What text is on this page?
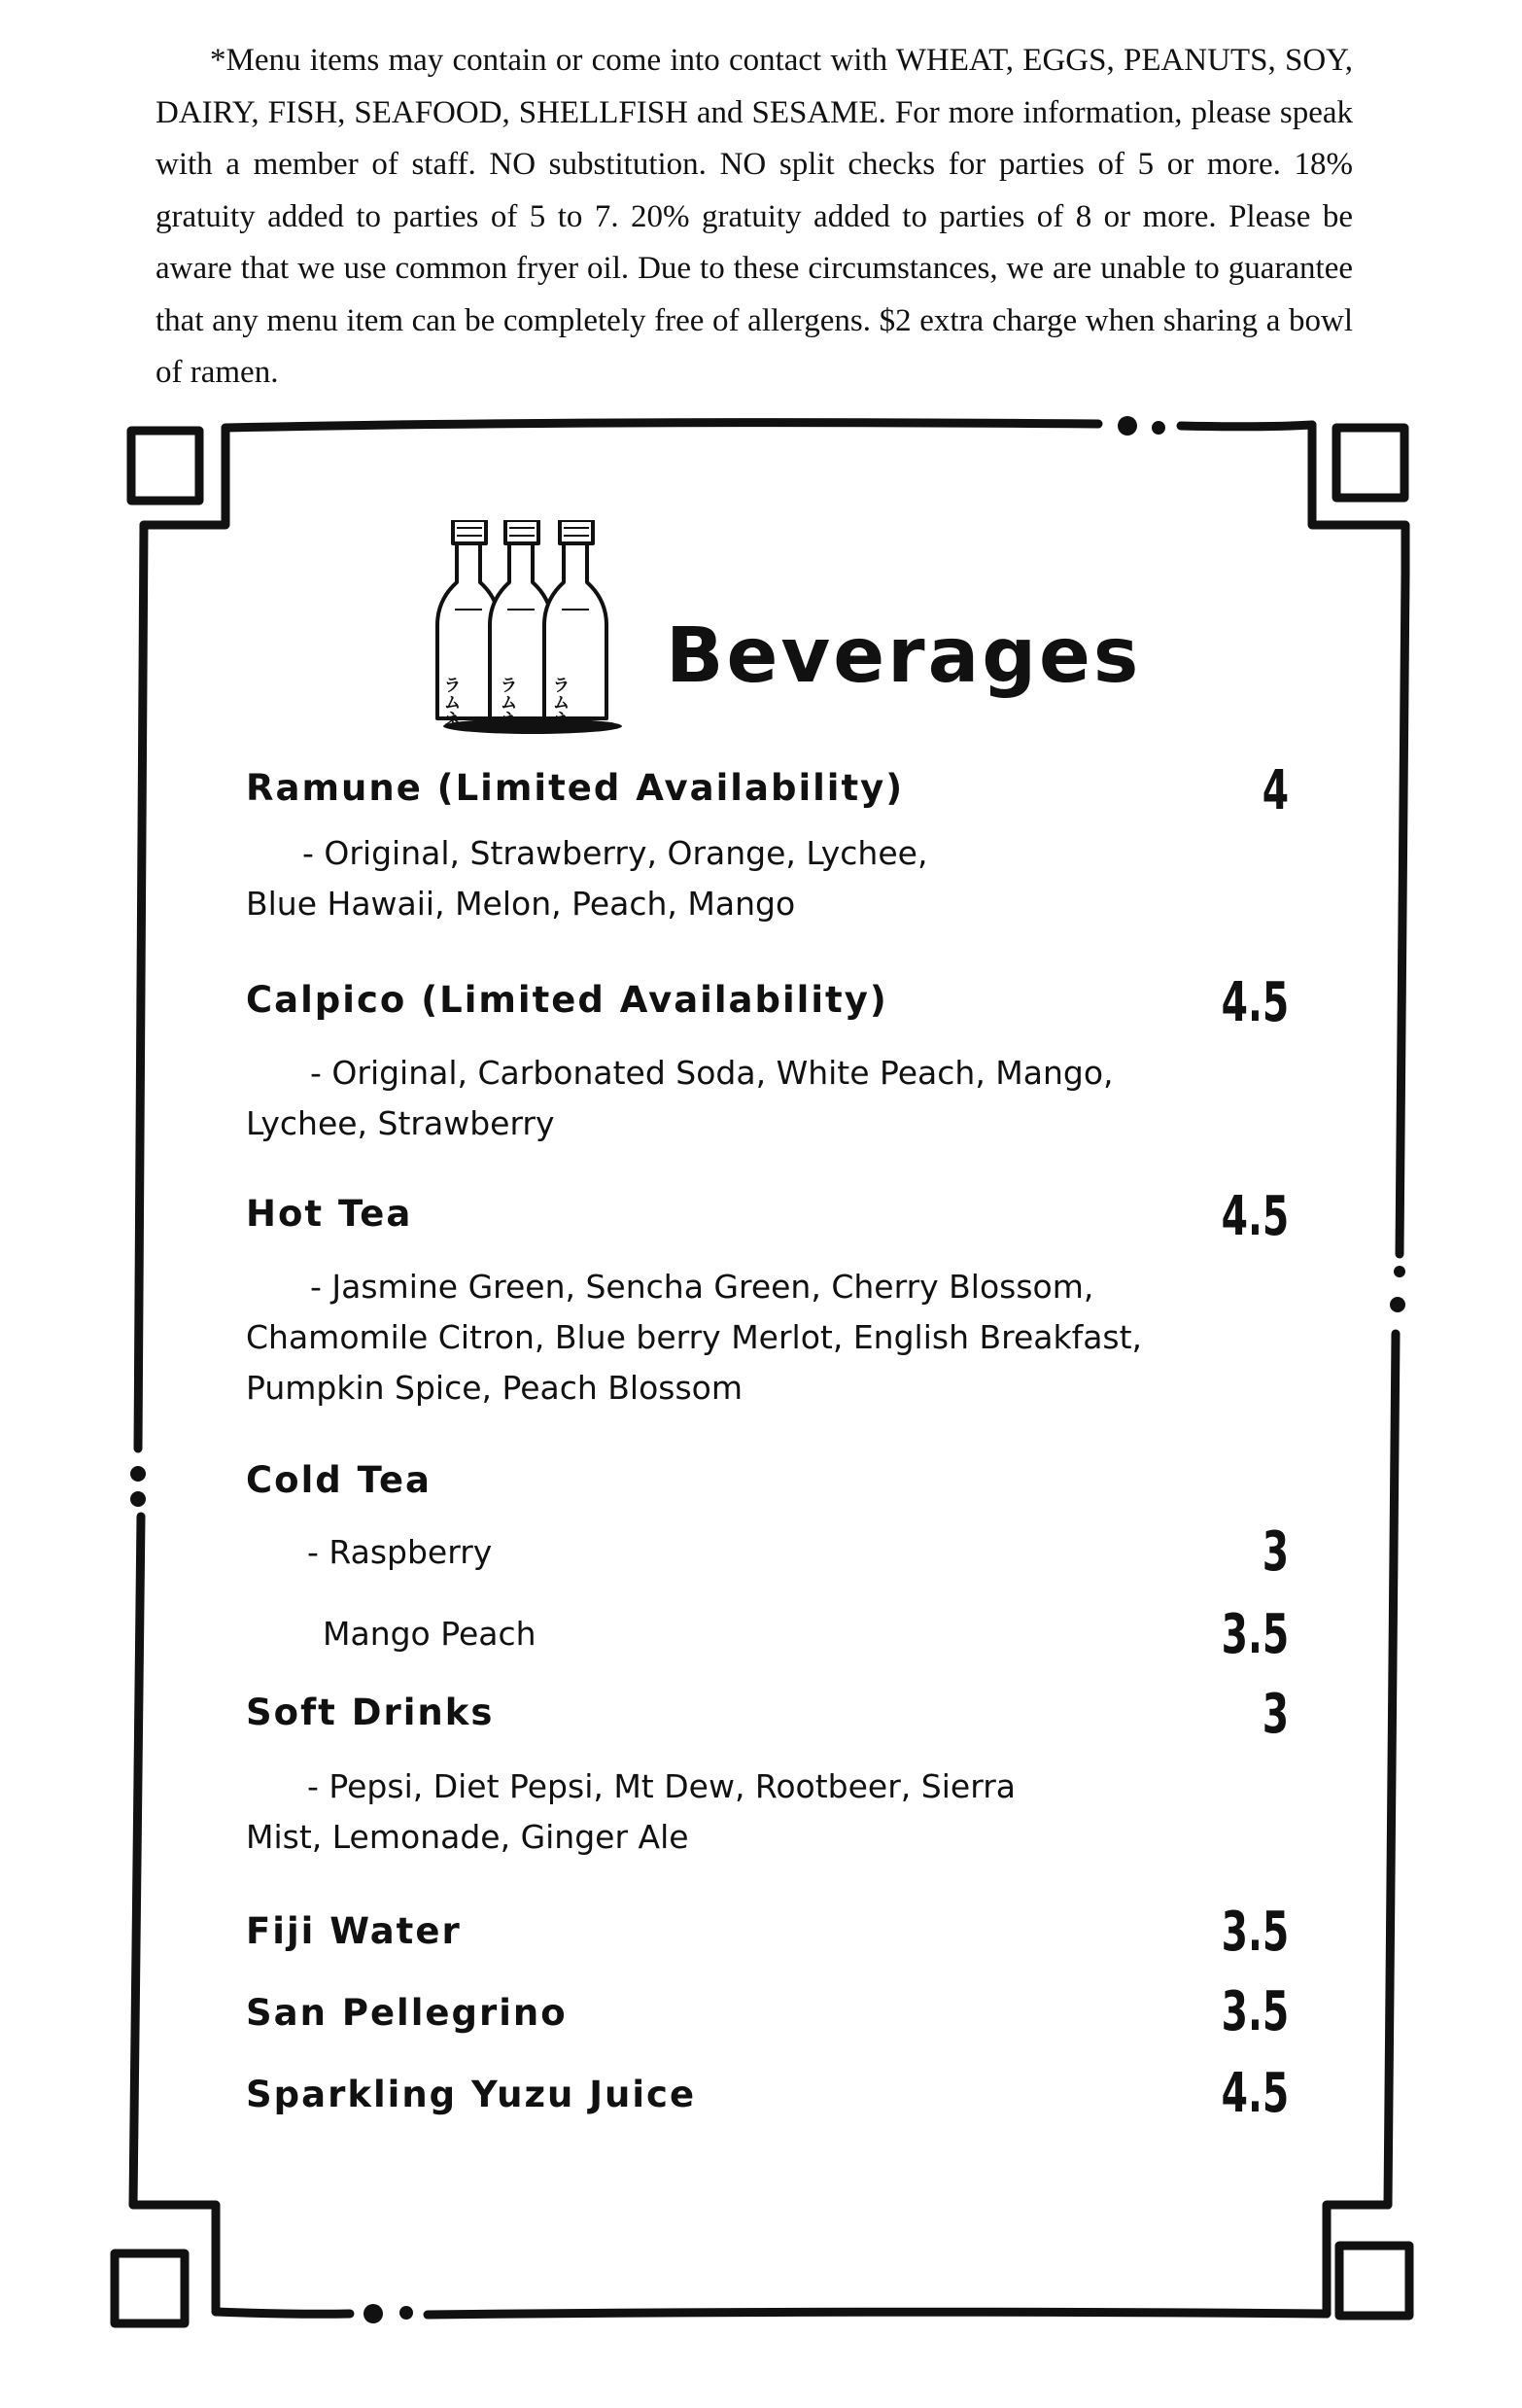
*Menu items may contain or come into contact with WHEAT, EGGS, PEANUTS, SOY, DAIRY, FISH, SEAFOOD, SHELLFISH and SESAME. For more information, please speak with a member of staff. NO substitution. NO split checks for parties of 5 or more. 18% gratuity added to parties of 5 to 7. 20% gratuity added to parties of 8 or more. Please be aware that we use common fryer oil. Due to these circumstances, we are unable to guarantee that any menu item can be completely free of allergens. $2 extra charge when sharing a bowl of ramen.
ラムネ ラムネ ラムネ
Beverages
Ramune (Limited Availability)	4
- Original, Strawberry, Orange, Lychee,
Blue Hawaii, Melon, Peach, Mango
Calpico (Limited Availability)	4.5
- Original, Carbonated Soda, White Peach, Mango,
Lychee, Strawberry
Hot Tea	4.5
- Jasmine Green, Sencha Green, Cherry Blossom,
Chamomile Citron, Blue berry Merlot, English Breakfast,
Pumpkin Spice, Peach Blossom
Cold Tea
- Raspberry	3
Mango Peach	3.5
Soft Drinks	3
- Pepsi, Diet Pepsi, Mt Dew, Rootbeer, Sierra
Mist, Lemonade, Ginger Ale
Fiji Water	3.5
San Pellegrino	3.5
Sparkling Yuzu Juice	4.5
